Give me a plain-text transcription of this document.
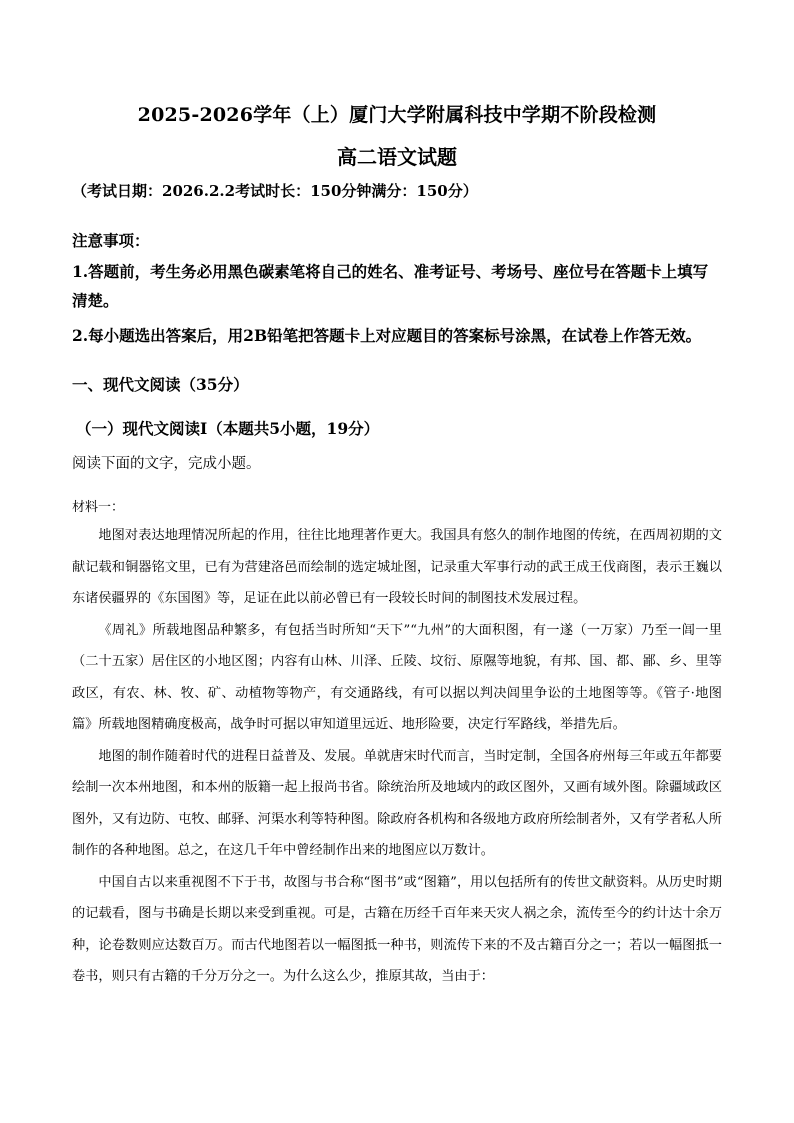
2025-2026学年（上）厦门大学附属科技中学期不阶段检测
高二语文试题
（考试日期：2026.2.2考试时长：150分钟满分：150分）
注意事项：
1.答题前，考生务必用黑色碳素笔将自己的姓名、准考证号、考场号、座位号在答题卡上填写清楚。
2.每小题选出答案后，用2B铅笔把答题卡上对应题目的答案标号涂黑，在试卷上作答无效。
一、现代文阅读（35分）
（一）现代文阅读Ⅰ（本题共5小题，19分）
阅读下面的文字，完成小题。
材料一：

地图对表达地理情况所起的作用，往往比地理著作更大。我国具有悠久的制作地图的传统，在西周初期的文献记载和铜器铭文里，已有为营建洛邑而绘制的选定城址图，记录重大军事行动的武王成王伐商图，表示王巍以东诸侯疆界的《东国图》等，足证在此以前必曾已有一段较长时间的制图技术发展过程。

《周礼》所载地图品种繁多，有包括当时所知“天下”“九州”的大面积图，有一遂（一万家）乃至一闾一里（二十五家）居住区的小地区图；内容有山林、川泽、丘陵、坟衍、原隰等地貌，有邦、国、都、鄙、乡、里等政区，有农、林、牧、矿、动植物等物产，有交通路线，有可以据以判决闾里争讼的土地图等等。《管子·地图篇》所载地图精确度极高，战争时可据以审知道里远近、地形险要，决定行军路线，举措先后。

地图的制作随着时代的进程日益普及、发展。单就唐宋时代而言，当时定制，全国各府州每三年或五年都要绘制一次本州地图，和本州的版籍一起上报尚书省。除统治所及地域内的政区图外，又画有域外图。除疆域政区图外，又有边防、屯牧、邮驿、河渠水利等特种图。除政府各机构和各级地方政府所绘制者外，又有学者私人所制作的各种地图。总之，在这几千年中曾经制作出来的地图应以万数计。

中国自古以来重视图不下于书，故图与书合称“图书”或“图籍”，用以包括所有的传世文献资料。从历史时期的记载看，图与书确是长期以来受到重视。可是，古籍在历经千百年来天灾人祸之余，流传至今的约计达十余万种，论卷数则应达数百万。而古代地图若以一幅图抵一种书，则流传下来的不及古籍百分之一；若以一幅图抵一卷书，则只有古籍的千分万分之一。为什么这么少，推原其故，当由于：
